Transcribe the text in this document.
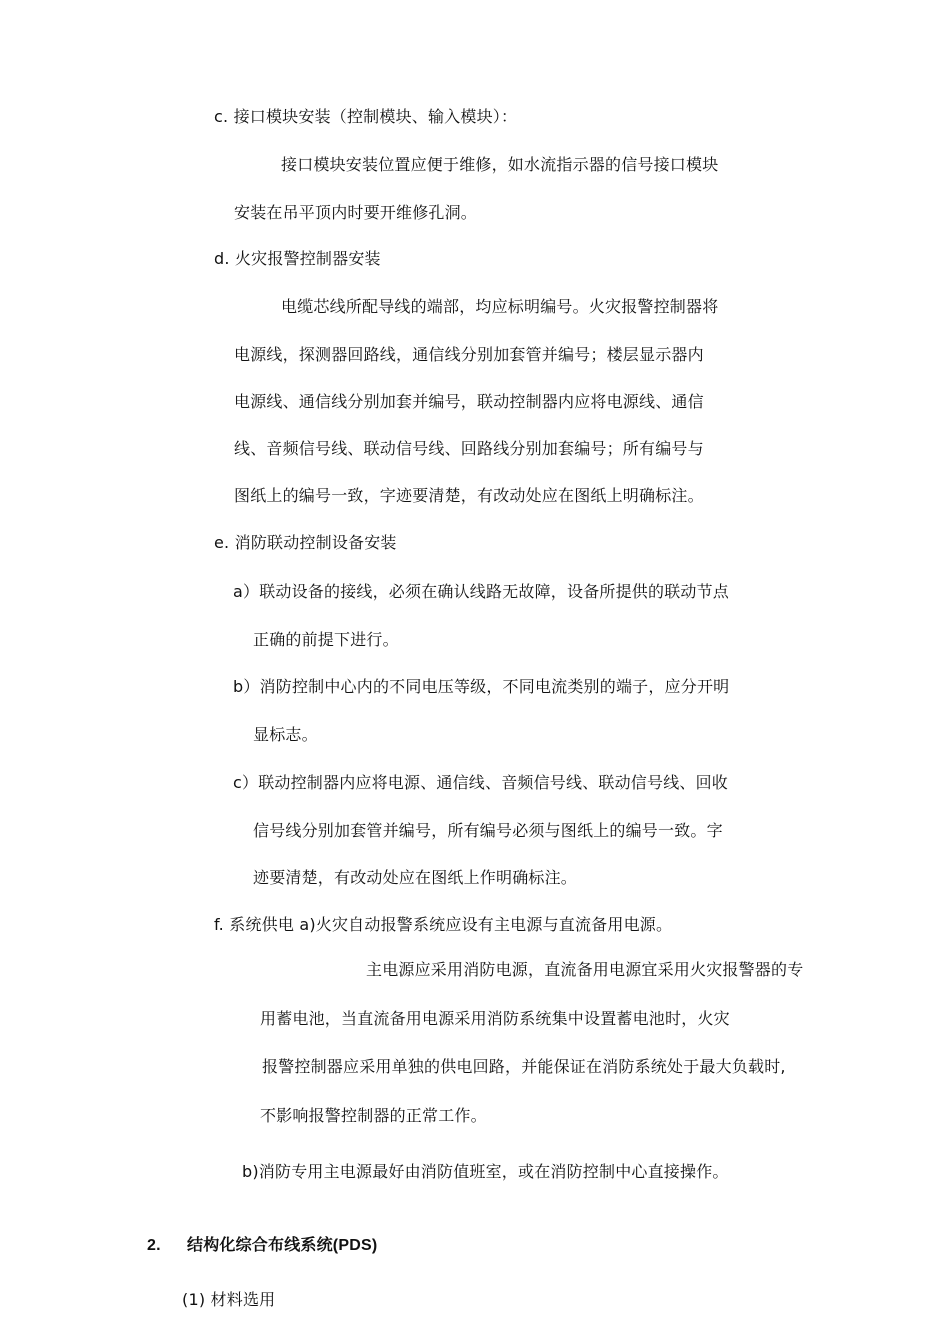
c. 接口模块安装（控制模块、输入模块）：
接口模块安装位置应便于维修，如水流指示器的信号接口模块
安装在吊平顶内时要开维修孔洞。
d. 火灾报警控制器安装
电缆芯线所配导线的端部，均应标明编号。火灾报警控制器将
电源线，探测器回路线，通信线分别加套管并编号；楼层显示器内
电源线、通信线分别加套并编号，联动控制器内应将电源线、通信
线、音频信号线、联动信号线、回路线分别加套编号；所有编号与
图纸上的编号一致，字迹要清楚，有改动处应在图纸上明确标注。
e. 消防联动控制设备安装
a）联动设备的接线，必须在确认线路无故障，设备所提供的联动节点
正确的前提下进行。
b）消防控制中心内的不同电压等级，不同电流类别的端子，应分开明
显标志。
c）联动控制器内应将电源、通信线、音频信号线、联动信号线、回收
信号线分别加套管并编号，所有编号必须与图纸上的编号一致。字
迹要清楚，有改动处应在图纸上作明确标注。
f. 系统供电 a)火灾自动报警系统应设有主电源与直流备用电源。
主电源应采用消防电源，直流备用电源宜采用火灾报警器的专
用蓄电池，当直流备用电源采用消防系统集中设置蓄电池时，火灾
报警控制器应采用单独的供电回路，并能保证在消防系统处于最大负载时,
不影响报警控制器的正常工作。
b)消防专用主电源最好由消防值班室，或在消防控制中心直接操作。
2. 结构化综合布线系统(PDS)
(1) 材料选用
